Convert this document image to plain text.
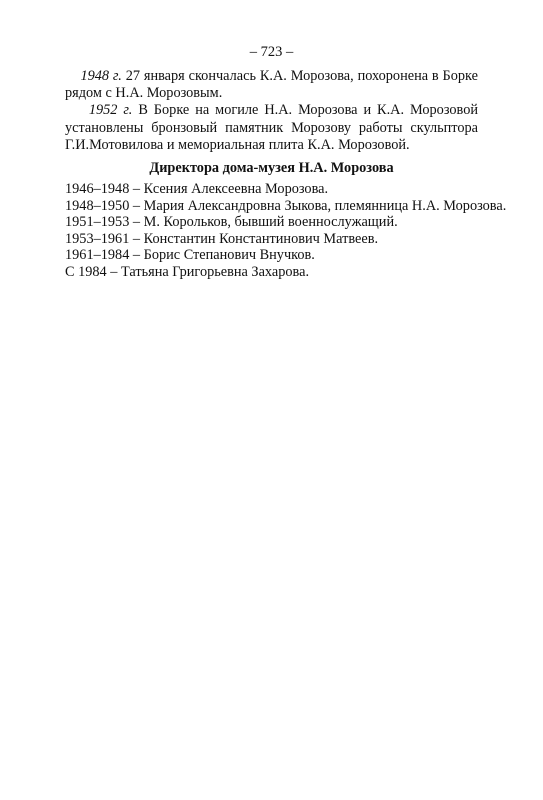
– 723 –

1948 г. 27 января скончалась К.А. Морозова, похоронена в Борке рядом с Н.А. Морозовым.

1952 г. В Борке на могиле Н.А. Морозова и К.А. Морозовой установлены бронзовый памятник Морозову работы скульптора Г.И.Мотовилова и мемориальная плита К.А. Морозовой.

Директора дома-музея Н.А. Морозова
1946–1948 – Ксения Алексеевна Морозова.
1948–1950 – Мария Александровна Зыкова, племянница Н.А. Морозова.
1951–1953 – М. Корольков, бывший военнослужащий.
1953–1961 – Константин Константинович Матвеев.
1961–1984 – Борис Степанович Внучков.
С 1984 – Татьяна Григорьевна Захарова.
